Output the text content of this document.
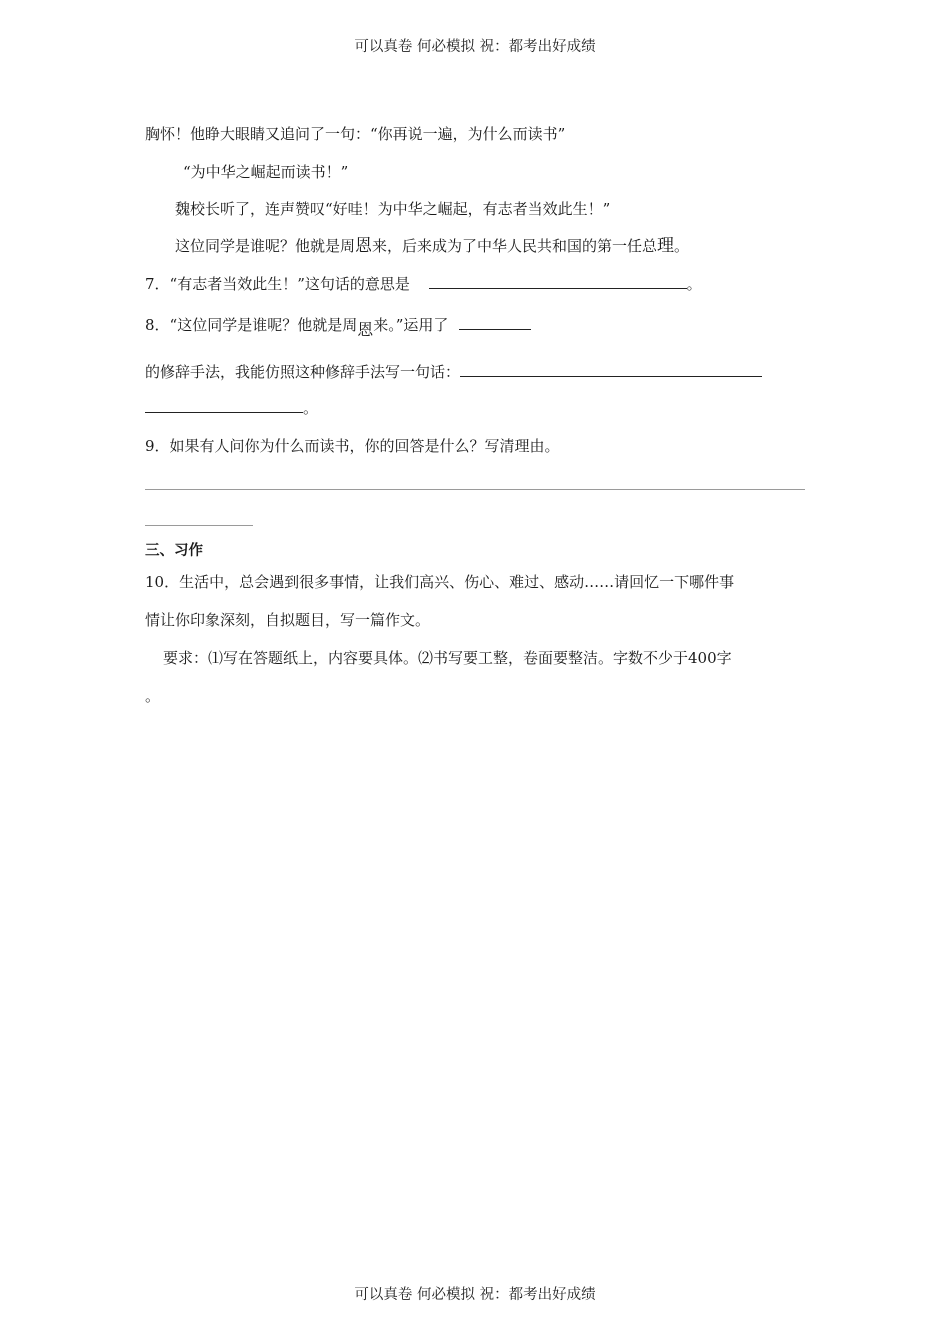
可以真卷 何必模拟 祝：都考出好成绩
胸怀！他睁大眼睛又追问了一句：“你再说一遍，为什么而读书”
“为中华之崛起而读书！”
魏校长听了，连声赞叹“好哇！为中华之崛起，有志者当效此生！”
这位同学是谁呢？他就是周恩来，后来成为了中华人民共和国的第一任总理。
7．“有志者当效此生！”这句话的意思是	。
8．“这位同学是谁呢？他就是周恩来。”运用了
的修辞手法，我能仿照这种修辞手法写一句话：
。
9．如果有人问你为什么而读书，你的回答是什么？写清理由。
三、习作
10．生活中，总会遇到很多事情，让我们高兴、伤心、难过、感动……请回忆一下哪件事
情让你印象深刻，自拟题目，写一篇作文。
要求：⑴写在答题纸上，内容要具体。⑵书写要工整，卷面要整洁。字数不少于400字
。
可以真卷 何必模拟 祝：都考出好成绩
